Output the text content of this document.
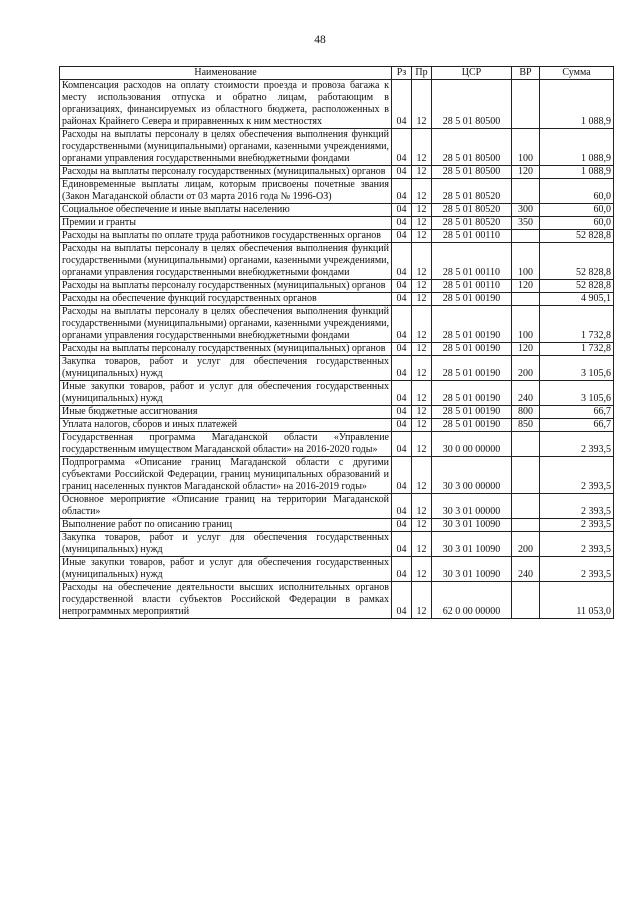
48
Наименование	Рз	Пр	ЦСР	ВР	Сумма
Компенсация расходов на оплату стоимости проезда и провоза багажа к месту использования отпуска и обратно лицам, работающим в организациях, финансируемых из областного бюджета, расположенных в районах Крайнего Севера и приравненных к ним местностях	04	12	28 5 01 80500		1 088,9
Расходы на выплаты персоналу в целях обеспечения выполнения функций государственными (муниципальными) органами, казенными учреждениями, органами управления государственными внебюджетными фондами	04	12	28 5 01 80500	100	1 088,9
Расходы на выплаты персоналу государственных (муниципальных) органов	04	12	28 5 01 80500	120	1 088,9
Единовременные выплаты лицам, которым присвоены почетные звания (Закон Магаданской области от 03 марта 2016 года № 1996-ОЗ)	04	12	28 5 01 80520		60,0
Социальное обеспечение и иные выплаты населению	04	12	28 5 01 80520	300	60,0
Премии и гранты	04	12	28 5 01 80520	350	60,0
Расходы на выплаты по оплате труда работников государственных органов	04	12	28 5 01 00110		52 828,8
Расходы на выплаты персоналу в целях обеспечения выполнения функций государственными (муниципальными) органами, казенными учреждениями, органами управления государственными внебюджетными фондами	04	12	28 5 01 00110	100	52 828,8
Расходы на выплаты персоналу государственных (муниципальных) органов	04	12	28 5 01 00110	120	52 828,8
Расходы на обеспечение функций государственных органов	04	12	28 5 01 00190		4 905,1
Расходы на выплаты персоналу в целях обеспечения выполнения функций государственными (муниципальными) органами, казенными учреждениями, органами управления государственными внебюджетными фондами	04	12	28 5 01 00190	100	1 732,8
Расходы на выплаты персоналу государственных (муниципальных) органов	04	12	28 5 01 00190	120	1 732,8
Закупка товаров, работ и услуг для обеспечения государственных (муниципальных) нужд	04	12	28 5 01 00190	200	3 105,6
Иные закупки товаров, работ и услуг для обеспечения государственных (муниципальных) нужд	04	12	28 5 01 00190	240	3 105,6
Иные бюджетные ассигнования	04	12	28 5 01 00190	800	66,7
Уплата налогов, сборов и иных платежей	04	12	28 5 01 00190	850	66,7
Государственная программа Магаданской области «Управление государственным имуществом Магаданской области» на 2016-2020 годы»	04	12	30 0 00 00000		2 393,5
Подпрограмма «Описание границ Магаданской области с другими субъектами Российской Федерации, границ муниципальных образований и границ населенных пунктов Магаданской области» на 2016-2019 годы»	04	12	30 3 00 00000		2 393,5
Основное мероприятие «Описание границ на территории Магаданской области»	04	12	30 3 01 00000		2 393,5
Выполнение работ по описанию границ	04	12	30 3 01 10090		2 393,5
Закупка товаров, работ и услуг для обеспечения государственных (муниципальных) нужд	04	12	30 3 01 10090	200	2 393,5
Иные закупки товаров, работ и услуг для обеспечения государственных (муниципальных) нужд	04	12	30 3 01 10090	240	2 393,5
Расходы на обеспечение деятельности высших исполнительных органов государственной власти субъектов Российской Федерации в рамках непрограммных мероприятий	04	12	62 0 00 00000		11 053,0
